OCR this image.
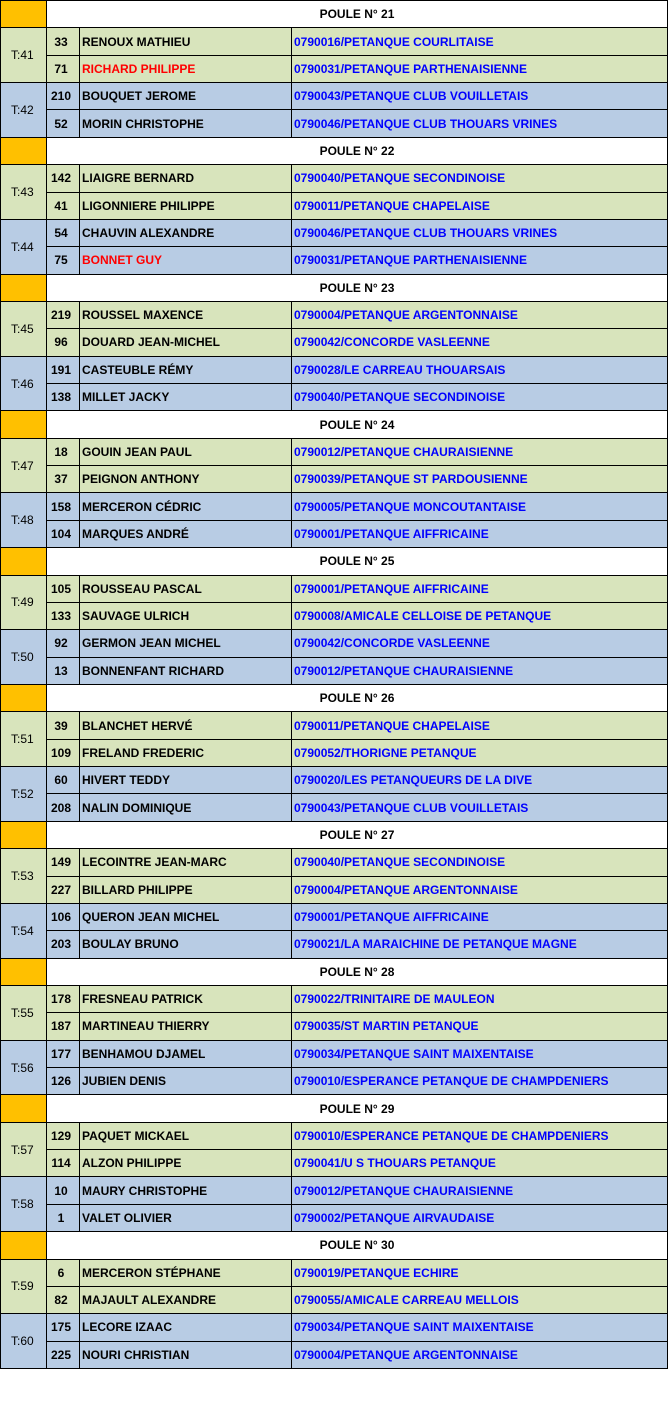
	POULE N° 21		
T:41	33	RENOUX MATHIEU	0790016/PETANQUE COURLITAISE
	71	RICHARD PHILIPPE	0790031/PETANQUE PARTHENAISIENNE
T:42	210	BOUQUET JEROME	0790043/PETANQUE CLUB VOUILLETAIS
	52	MORIN CHRISTOPHE	0790046/PETANQUE CLUB THOUARS VRINES
	POULE N° 22		
T:43	142	LIAIGRE BERNARD	0790040/PETANQUE SECONDINOISE
	41	LIGONNIERE PHILIPPE	0790011/PETANQUE CHAPELAISE
T:44	54	CHAUVIN ALEXANDRE	0790046/PETANQUE CLUB THOUARS VRINES
	75	BONNET GUY	0790031/PETANQUE PARTHENAISIENNE
	POULE N° 23		
T:45	219	ROUSSEL MAXENCE	0790004/PETANQUE ARGENTONNAISE
	96	DOUARD JEAN-MICHEL	0790042/CONCORDE VASLEENNE
T:46	191	CASTEUBLE RÉMY	0790028/LE CARREAU THOUARSAIS
	138	MILLET JACKY	0790040/PETANQUE SECONDINOISE
	POULE N° 24		
T:47	18	GOUIN JEAN PAUL	0790012/PETANQUE CHAURAISIENNE
	37	PEIGNON ANTHONY	0790039/PETANQUE ST PARDOUSIENNE
T:48	158	MERCERON CÉDRIC	0790005/PETANQUE MONCOUTANTAISE
	104	MARQUES ANDRÉ	0790001/PETANQUE AIFFRICAINE
	POULE N° 25		
T:49	105	ROUSSEAU PASCAL	0790001/PETANQUE AIFFRICAINE
	133	SAUVAGE ULRICH	0790008/AMICALE CELLOISE DE PETANQUE
T:50	92	GERMON JEAN MICHEL	0790042/CONCORDE VASLEENNE
	13	BONNENFANT RICHARD	0790012/PETANQUE CHAURAISIENNE
	POULE N° 26		
T:51	39	BLANCHET HERVÉ	0790011/PETANQUE CHAPELAISE
	109	FRELAND FREDERIC	0790052/THORIGNE PETANQUE
T:52	60	HIVERT TEDDY	0790020/LES PETANQUEURS DE LA DIVE
	208	NALIN DOMINIQUE	0790043/PETANQUE CLUB VOUILLETAIS
	POULE N° 27		
T:53	149	LECOINTRE JEAN-MARC	0790040/PETANQUE SECONDINOISE
	227	BILLARD PHILIPPE	0790004/PETANQUE ARGENTONNAISE
T:54	106	QUERON JEAN MICHEL	0790001/PETANQUE AIFFRICAINE
	203	BOULAY BRUNO	0790021/LA MARAICHINE DE PETANQUE MAGNE
	POULE N° 28		
T:55	178	FRESNEAU PATRICK	0790022/TRINITAIRE DE MAULEON
	187	MARTINEAU THIERRY	0790035/ST MARTIN PETANQUE
T:56	177	BENHAMOU DJAMEL	0790034/PETANQUE SAINT MAIXENTAISE
	126	JUBIEN DENIS	0790010/ESPERANCE PETANQUE DE CHAMPDENIERS
	POULE N° 29		
T:57	129	PAQUET MICKAEL	0790010/ESPERANCE PETANQUE DE CHAMPDENIERS
	114	ALZON PHILIPPE	0790041/U S THOUARS PETANQUE
T:58	10	MAURY CHRISTOPHE	0790012/PETANQUE CHAURAISIENNE
	1	VALET OLIVIER	0790002/PETANQUE AIRVAUDAISE
	POULE N° 30		
T:59	6	MERCERON STÉPHANE	0790019/PETANQUE ECHIRE
	82	MAJAULT ALEXANDRE	0790055/AMICALE CARREAU MELLOIS
T:60	175	LECORE IZAAC	0790034/PETANQUE SAINT MAIXENTAISE
	225	NOURI CHRISTIAN	0790004/PETANQUE ARGENTONNAISE
